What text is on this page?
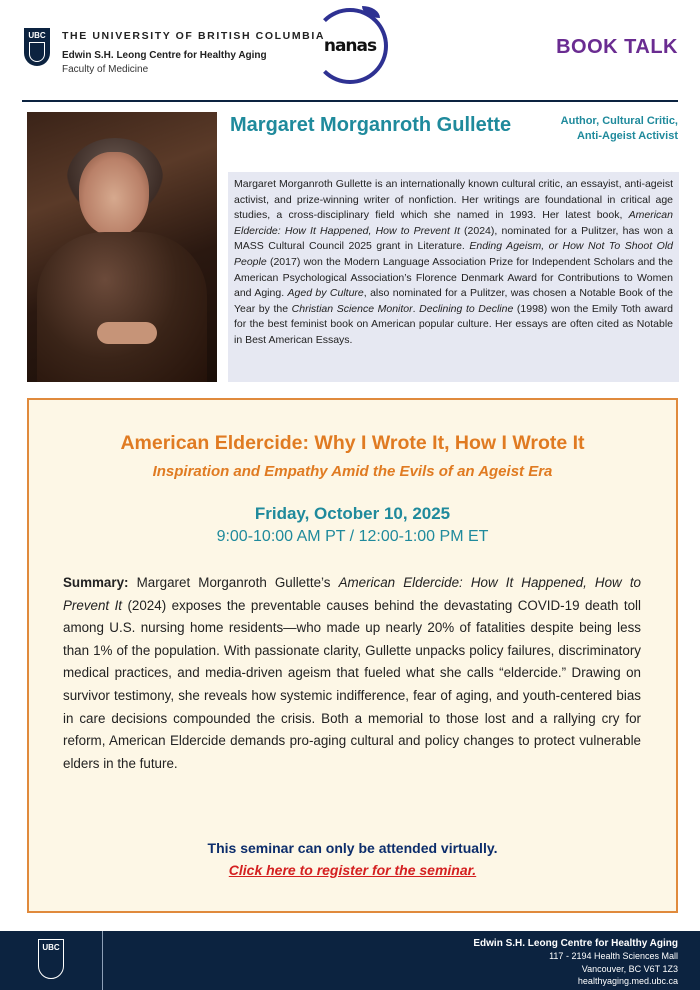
UBC	THE UNIVERSITY OF BRITISH COLUMBIA
Edwin S.H. Leong Centre for Healthy Aging
Faculty of Medicine
nanas	BOOK TALK
Margaret Morganroth Gullette	Author, Cultural Critic,
Anti-Ageist Activist
Margaret Morganroth Gullette is an internationally known cultural critic, an essayist, anti-ageist activist, and prize-winning writer of nonfiction. Her writings are foundational in critical age studies, a cross-disciplinary field which she named in 1993. Her latest book, American Eldercide: How It Happened, How to Prevent It (2024), nominated for a Pulitzer, has won a MASS Cultural Council 2025 grant in Literature. Ending Ageism, or How Not To Shoot Old People (2017) won the Modern Language Association Prize for Independent Scholars and the American Psychological Association’s Florence Denmark Award for Contributions to Women and Aging. Aged by Culture, also nominated for a Pulitzer, was chosen a Notable Book of the Year by the Christian Science Monitor. Declining to Decline (1998) won the Emily Toth award for the best feminist book on American popular culture. Her essays are often cited as Notable in Best American Essays.
American Eldercide: Why I Wrote It, How I Wrote It
Inspiration and Empathy Amid the Evils of an Ageist Era
Friday, October 10, 2025
9:00-10:00 AM PT / 12:00-1:00 PM ET
Summary: Margaret Morganroth Gullette’s American Eldercide: How It Happened, How to Prevent It (2024) exposes the preventable causes behind the devastating COVID-19 death toll among U.S. nursing home residents—who made up nearly 20% of fatalities despite being less than 1% of the population. With passionate clarity, Gullette unpacks policy failures, discriminatory medical practices, and media-driven ageism that fueled what she calls “eldercide.” Drawing on survivor testimony, she reveals how systemic indifference, fear of aging, and youth-centered bias in care decisions compounded the crisis. Both a memorial to those lost and a rallying cry for reform, American Eldercide demands pro-aging cultural and policy changes to protect vulnerable elders in the future.
This seminar can only be attended virtually.
Click here to register for the seminar.
UBC	Edwin S.H. Leong Centre for Healthy Aging
117 - 2194 Health Sciences Mall
Vancouver, BC V6T 1Z3
healthyaging.med.ubc.ca
